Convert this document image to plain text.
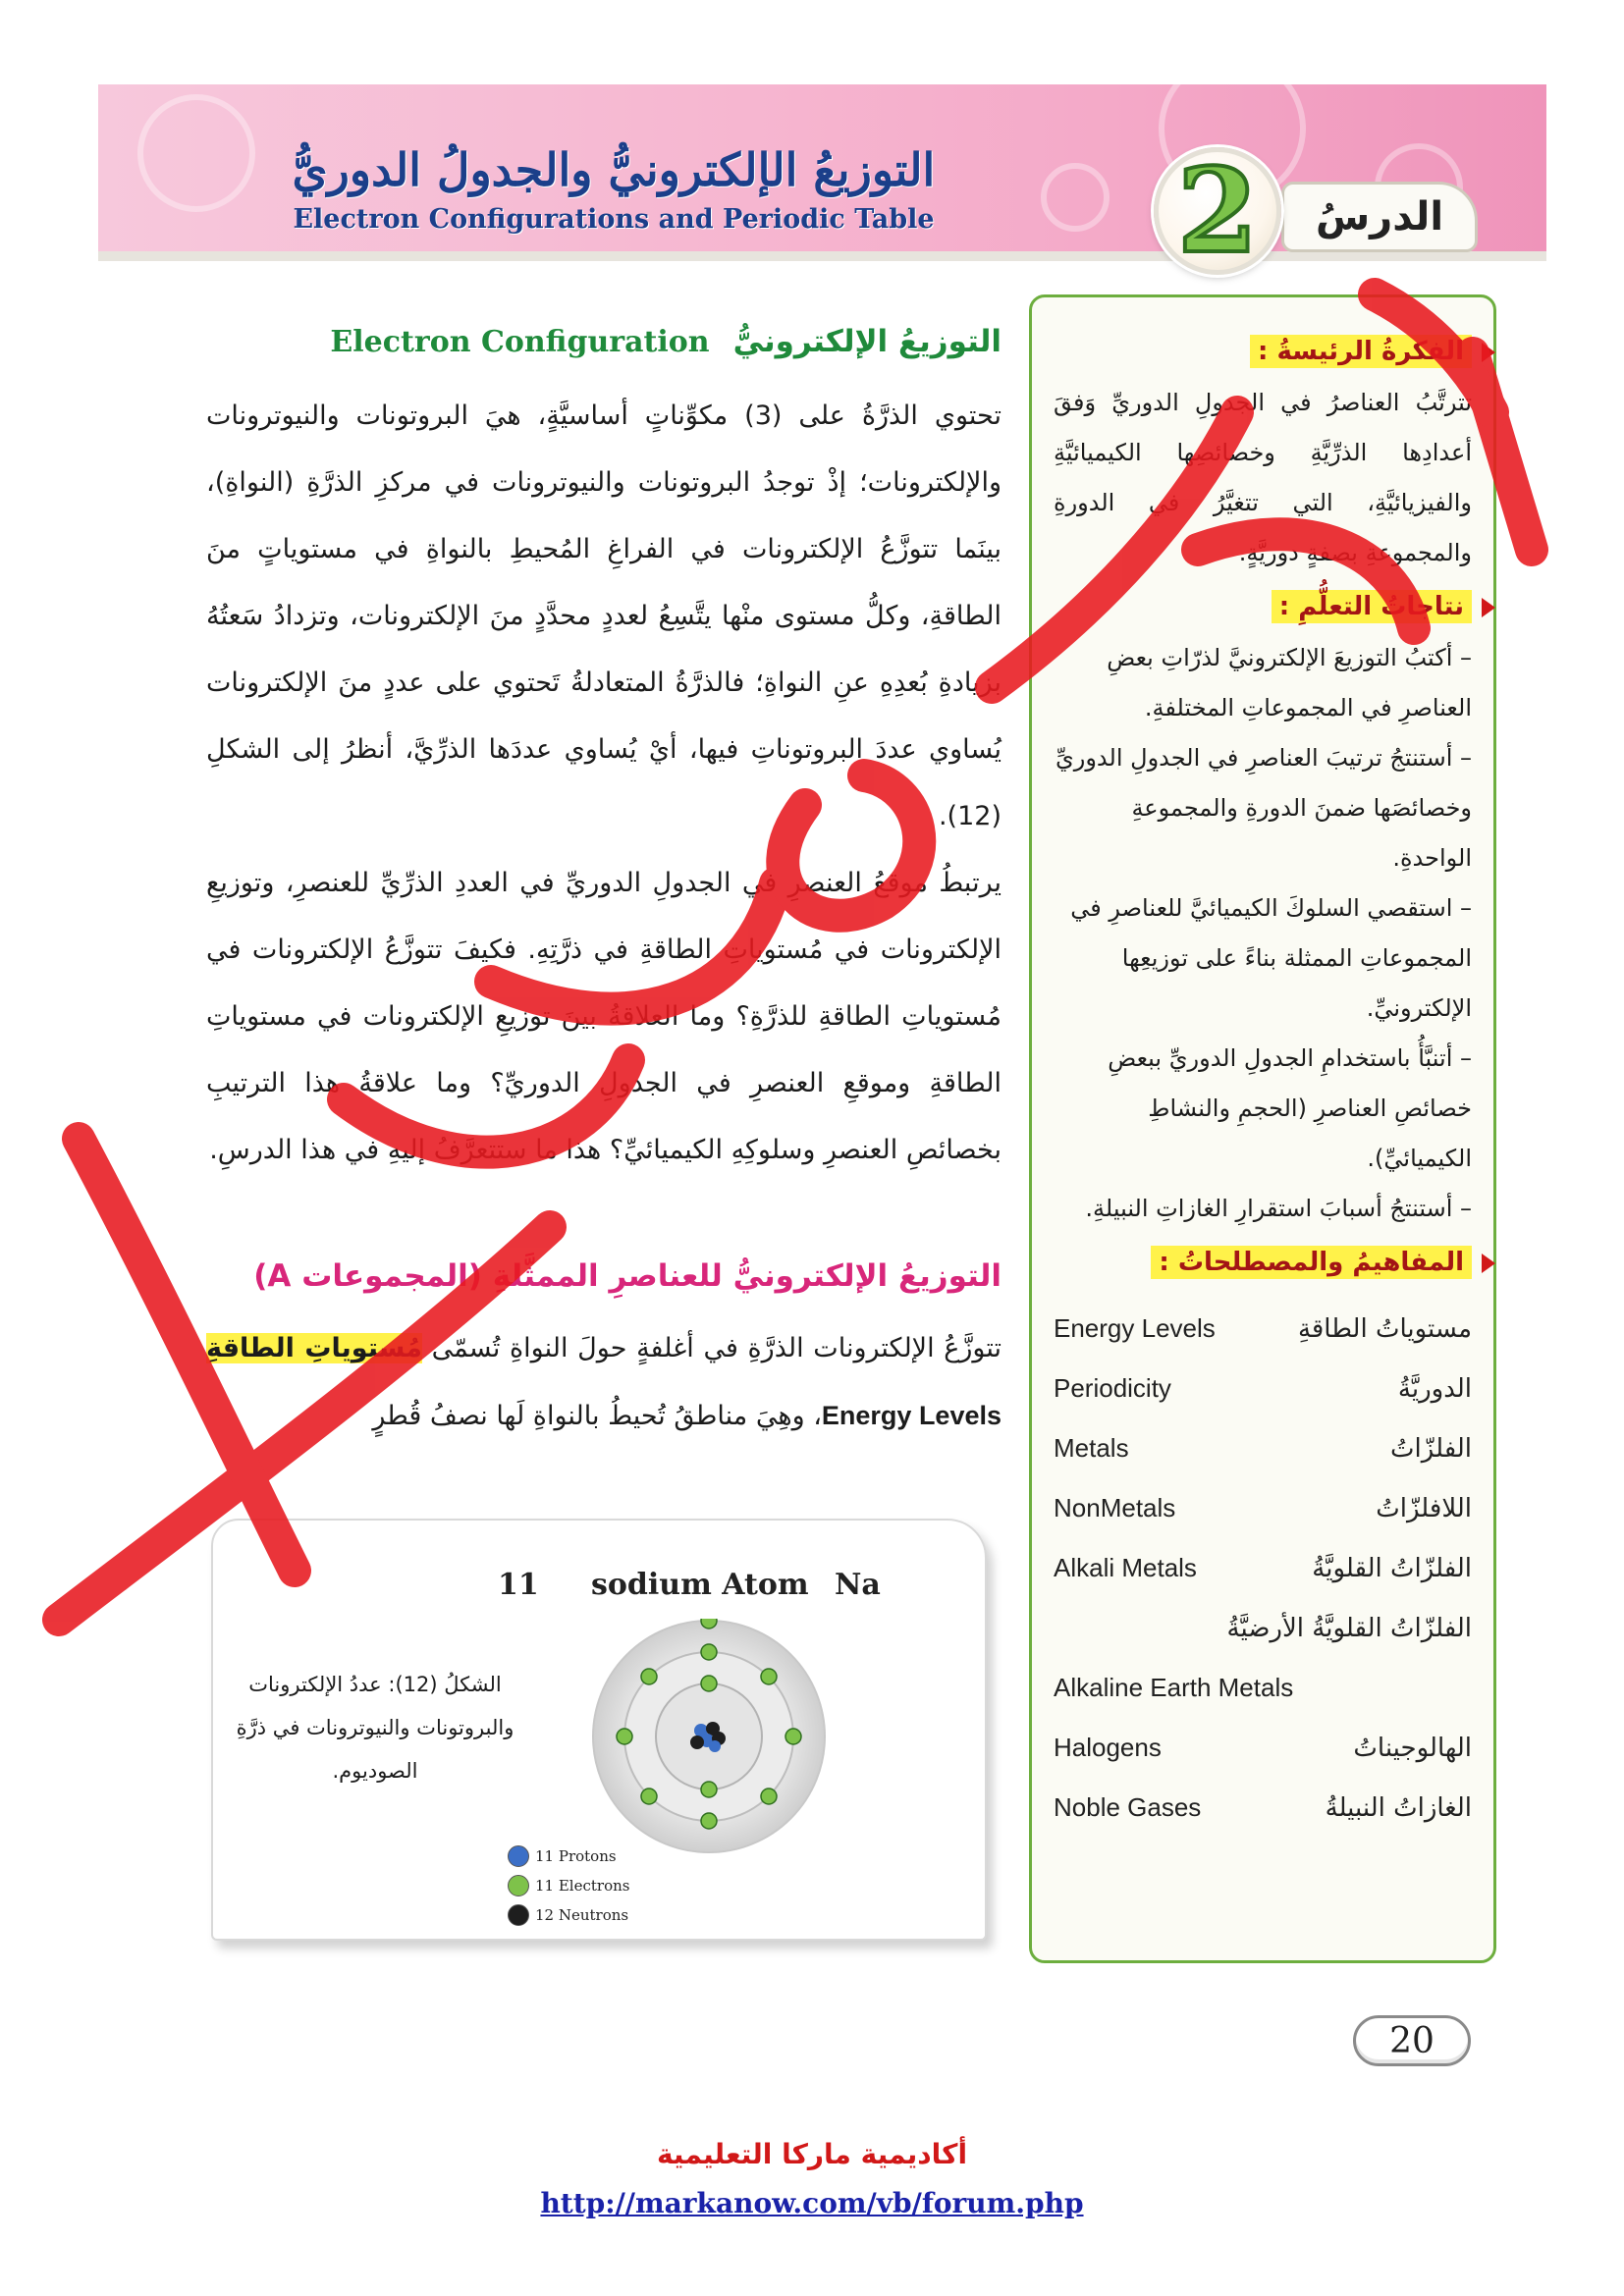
التوزيعُ الإلكترونيُّ والجدولُ الدوريُّ
Electron Configurations and Periodic Table	الدرسُ
2
الفكرةُ الرئيسةُ :

تترتَّبُ العناصرُ في الجدولِ الدوريِّ وَفقَ أعدادِها الذرِّيَّةِ وخصائصِها الكيميائيَّةِ والفيزيائيَّةِ، التي تتغيَّرُ في الدورةِ والمجموعةِ بصفةٍ دوريَّةٍ.

نتاجاتُ التعلُّمِ :

– أكتبُ التوزيعَ الإلكترونيَّ لذرّاتِ بعضِ العناصرِ في المجموعاتِ المختلفةِ.

– أستنتجُ ترتيبَ العناصرِ في الجدولِ الدوريِّ وخصائصَها ضمنَ الدورةِ والمجموعةِ الواحدةِ.

– استقصي السلوكَ الكيميائيَّ للعناصرِ في المجموعاتِ الممثلة بناءً على توزيعِها الإلكترونيِّ.

– أتنبَّأُ باستخدامِ الجدولِ الدوريِّ ببعضِ خصائصِ العناصرِ (الحجمِ والنشاطِ الكيميائيِّ).

– أستنتجُ أسبابَ استقرارِ الغازاتِ النبيلةِ.

المفاهيمُ والمصطلحاتُ :
مستوياتُ الطاقةِ
Energy Levels
الدوريَّةُ
Periodicity
الفلزّاتُ
Metals
اللافلزّاتُ
NonMetals
الفلزّاتُ القلويَّةُ
Alkali Metals
الفلزّاتُ القلويَّةُ الأرضيَّةُ
Alkaline Earth Metals
الهالوجيناتُ
Halogens
الغازاتُ النبيلةُ
Noble Gases
التوزيعُ الإلكترونيُّElectron Configuration

تحتوي الذرَّةُ على (3) مكوِّناتٍ أساسيَّةٍ، هيَ البروتونات والنيوترونات والإلكترونات؛ إذْ توجدُ البروتونات والنيوترونات في مركزِ الذرَّةِ (النواةِ)، بينَما تتوزَّعُ الإلكترونات في الفراغِ المُحيطِ بالنواةِ في مستوياتٍ منَ الطاقةِ، وكلُّ مستوى منْها يتَّسِعُ لعددٍ محدَّدٍ منَ الإلكترونات، وتزدادُ سَعتُهُ بزيادةِ بُعدِهِ عنِ النواةِ؛ فالذرَّةُ المتعادلةُ تَحتوي على عددٍ منَ الإلكترونات يُساوي عددَ البروتوناتِ فيها، أيْ يُساوي عددَها الذرِّيَّ، أنظرُ إلى الشكلِ (12).

يرتبطُ موقعُ العنصرِ في الجدولِ الدوريِّ في العددِ الذرِّيِّ للعنصرِ، وتوزيعِ الإلكترونات في مُستوياتِ الطاقةِ في ذرَّتِهِ. فكيفَ تتوزَّعُ الإلكترونات في مُستوياتِ الطاقةِ للذرَّةِ؟ وما العلاقةُ بينَ توزيعِ الإلكترونات في مستوياتِ الطاقةِ وموقعِ العنصرِ في الجدولِ الدوريِّ؟ وما علاقةُ هذا الترتيبِ بخصائصِ العنصرِ وسلوكِهِ الكيميائيِّ؟ هذا ما ستتعرَّفُ إليهِ في هذا الدرسِ.

التوزيعُ الإلكترونيُّ للعناصرِ الممثَّلةِ (المجموعات A)

تتوزَّعُ الإلكترونات الذرَّةِ في أغلفةٍ حولَ النواةِ تُسمّى مُستوياتِ الطاقةِ Energy Levels، وهِيَ مناطقُ تُحيطُ بالنواةِ لَها نصفُ قُطرٍ

11 sodium Atom Na

الشكلُ (12): عددُ الإلكترونات والبروتونات والنيوترونات في ذرَّةِ الصوديوم.

11 Protons
11 Electrons
12 Neutrons
20
أكاديمية ماركا التعليمية
http://markanow.com/vb/forum.php
